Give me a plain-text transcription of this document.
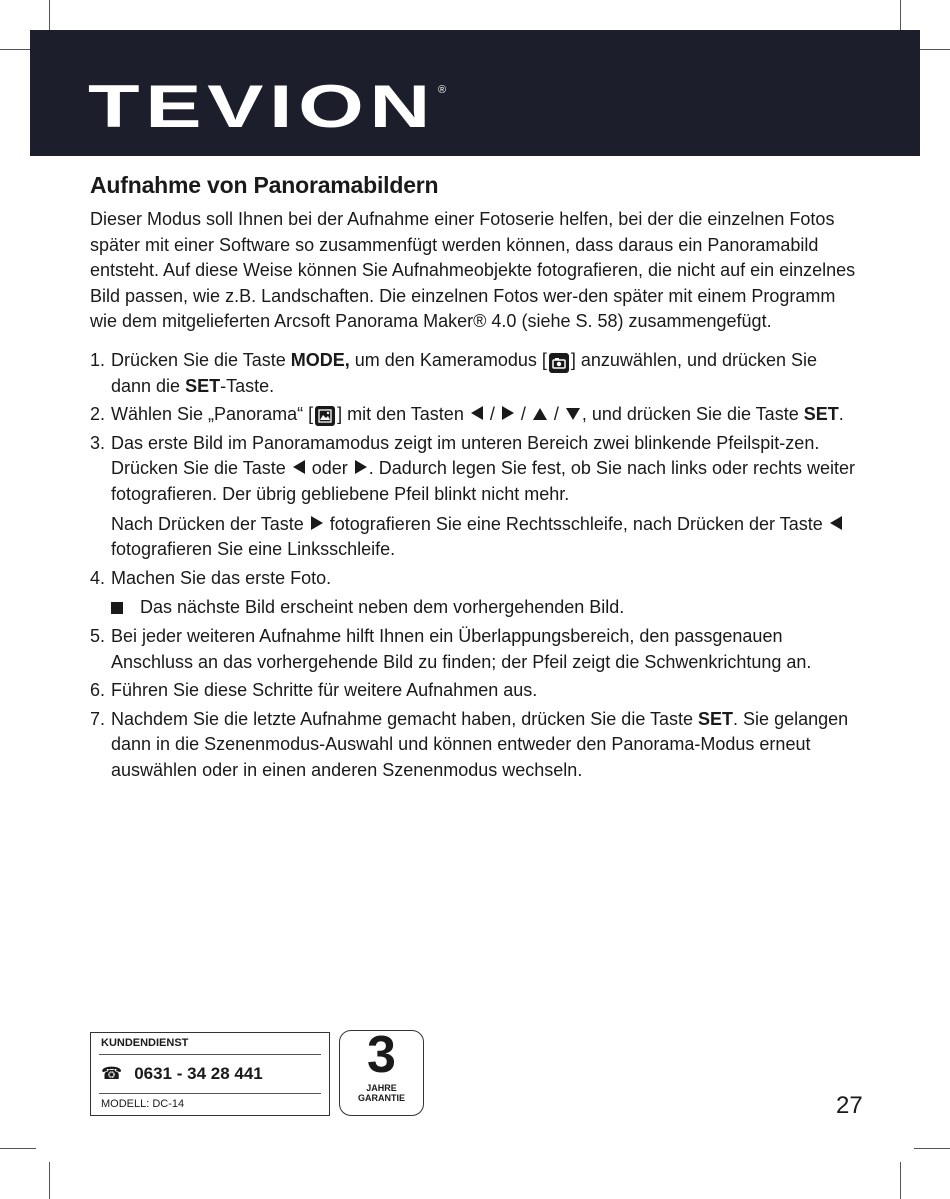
TEVION ®
Aufnahme von Panoramabildern

Dieser Modus soll Ihnen bei der Aufnahme einer Fotoserie helfen, bei der die einzelnen Fotos später mit einer Software so zusammenfügt werden können, dass daraus ein Panoramabild entsteht. Auf diese Weise können Sie Aufnahmeobjekte fotografieren, die nicht auf ein einzelnes Bild passen, wie z.B. Landschaften. Die einzelnen Fotos wer-den später mit einem Programm wie dem mitgelieferten Arcsoft Panorama Maker® 4.0 (siehe S. 58) zusammengefügt.

1. Drücken Sie die Taste MODE, um den Kameramodus [ ] anzuwählen, und drücken Sie dann die SET-Taste.
2. Wählen Sie „Panorama“ [ ] mit den Tasten  /  /  / , und drücken Sie die Taste SET.
3. Das erste Bild im Panoramamodus zeigt im unteren Bereich zwei blinkende Pfeilspit-zen. Drücken Sie die Taste  oder . Dadurch legen Sie fest, ob Sie nach links oder rechts weiter fotografieren. Der übrig gebliebene Pfeil blinkt nicht mehr.
Nach Drücken der Taste  fotografieren Sie eine Rechtsschleife, nach Drücken der Taste  fotografieren Sie eine Linksschleife.
4. Machen Sie das erste Foto.
Das nächste Bild erscheint neben dem vorhergehenden Bild.
5. Bei jeder weiteren Aufnahme hilft Ihnen ein Überlappungsbereich, den passgenauen Anschluss an das vorhergehende Bild zu finden; der Pfeil zeigt die Schwenkrichtung an.
6. Führen Sie diese Schritte für weitere Aufnahmen aus.
7. Nachdem Sie die letzte Aufnahme gemacht haben, drücken Sie die Taste SET. Sie gelangen dann in die Szenenmodus-Auswahl und können entweder den Panorama-Modus erneut auswählen oder in einen anderen Szenenmodus wechseln.
KUNDENDIENST
☎ 0631 - 34 28 441
MODELL: DC-14
3
JAHRE
GARANTIE	27
